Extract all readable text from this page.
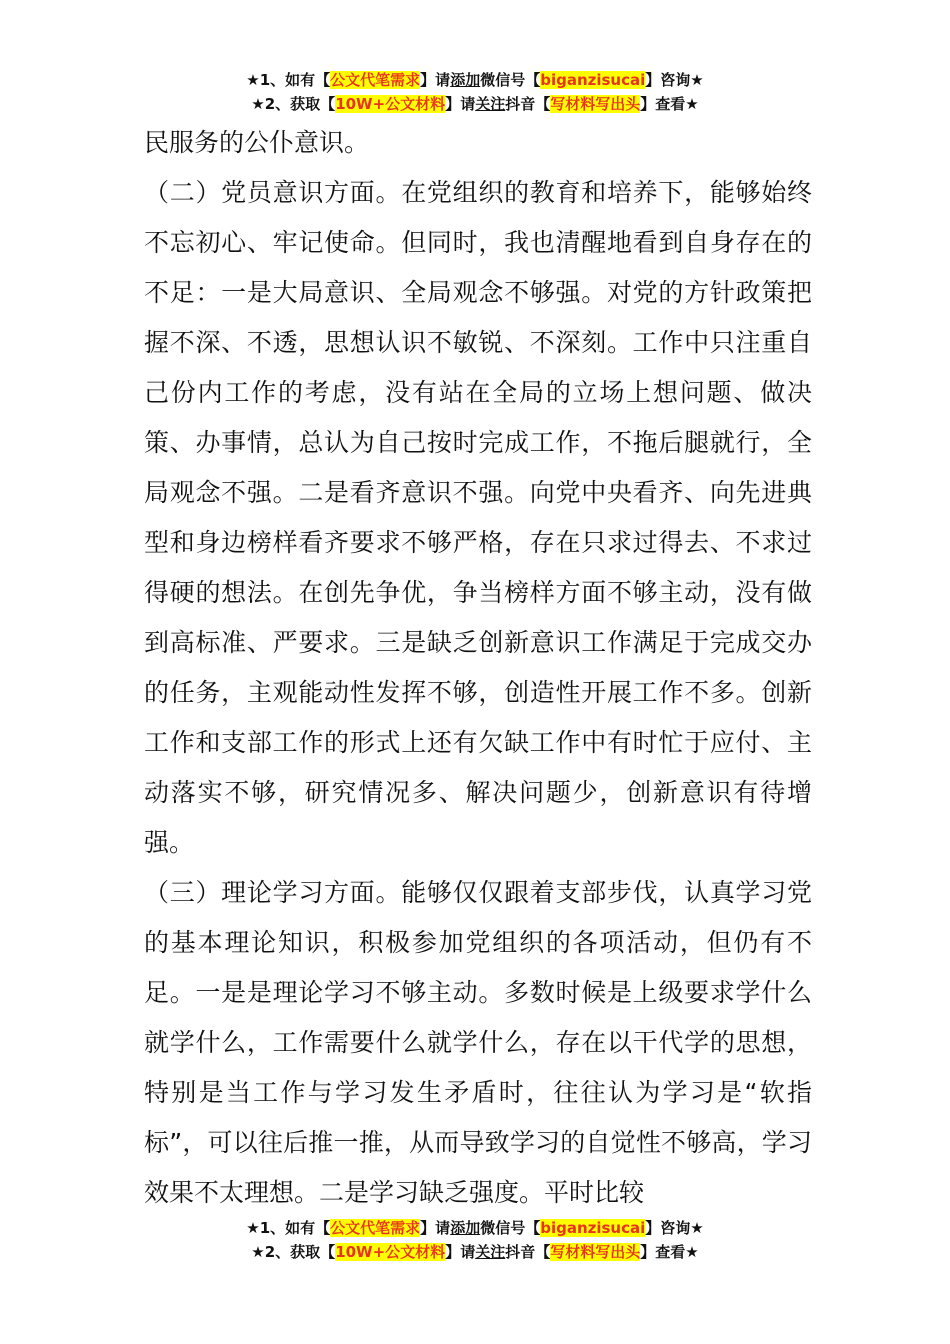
★1、如有【公文代笔需求】请添加微信号【biganzisucai】咨询★
★2、获取【10W+公文材料】请关注抖音【写材料写出头】查看★

民服务的公仆意识。

（二）党员意识方面。在党组织的教育和培养下，能够始终不忘初心、牢记使命。但同时，我也清醒地看到自身存在的不足：一是大局意识、全局观念不够强。对党的方针政策把握不深、不透，思想认识不敏锐、不深刻。工作中只注重自己份内工作的考虑，没有站在全局的立场上想问题、做决策、办事情，总认为自己按时完成工作，不拖后腿就行，全局观念不强。二是看齐意识不强。向党中央看齐、向先进典型和身边榜样看齐要求不够严格，存在只求过得去、不求过得硬的想法。在创先争优，争当榜样方面不够主动，没有做到高标准、严要求。三是缺乏创新意识工作满足于完成交办的任务，主观能动性发挥不够，创造性开展工作不多。创新工作和支部工作的形式上还有欠缺工作中有时忙于应付、主动落实不够，研究情况多、解决问题少，创新意识有待增强。

（三）理论学习方面。能够仅仅跟着支部步伐，认真学习党的基本理论知识，积极参加党组织的各项活动，但仍有不足。一是是理论学习不够主动。多数时候是上级要求学什么就学什么，工作需要什么就学什么，存在以干代学的思想，特别是当工作与学习发生矛盾时，往往认为学习是“软指标”，可以往后推一推，从而导致学习的自觉性不够高，学习效果不太理想。二是学习缺乏强度。平时比较

★1、如有【公文代笔需求】请添加微信号【biganzisucai】咨询★
★2、获取【10W+公文材料】请关注抖音【写材料写出头】查看★
